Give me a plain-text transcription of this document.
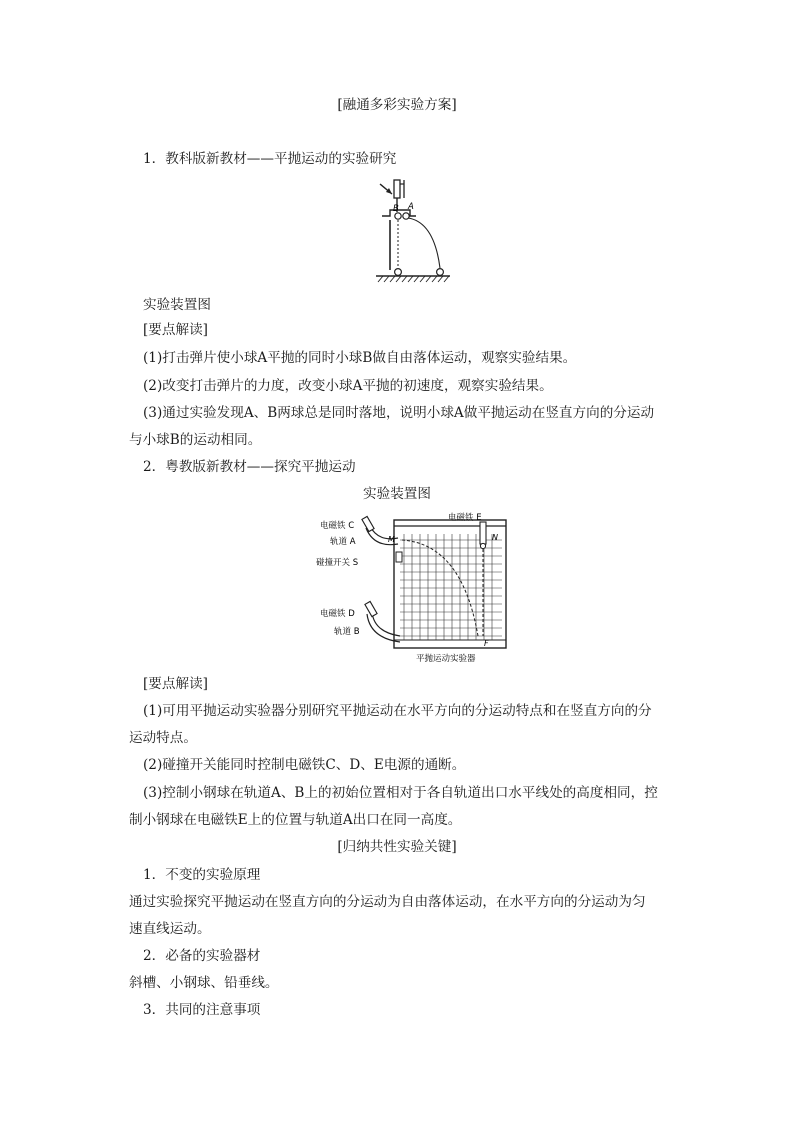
[融通多彩实验方案]
1．教科版新教材——平抛运动的实验研究
B A
实验装置图
[要点解读]
(1)打击弹片使小球A平抛的同时小球B做自由落体运动，观察实验结果。
(2)改变打击弹片的力度，改变小球A平抛的初速度，观察实验结果。
(3)通过实验发现A、B两球总是同时落地，说明小球A做平抛运动在竖直方向的分运动
与小球B的运动相同。
2．粤教版新教材——探究平抛运动
实验装置图
电磁铁 C
轨道 A
碰撞开关 S
电磁铁 D
轨道 B
电磁铁 E
M	N
F
平抛运动实验器
[要点解读]
(1)可用平抛运动实验器分别研究平抛运动在水平方向的分运动特点和在竖直方向的分
运动特点。
(2)碰撞开关能同时控制电磁铁C、D、E电源的通断。
(3)控制小钢球在轨道A、B上的初始位置相对于各自轨道出口水平线处的高度相同，控
制小钢球在电磁铁E上的位置与轨道A出口在同一高度。
[归纳共性实验关键]
1．不变的实验原理
通过实验探究平抛运动在竖直方向的分运动为自由落体运动，在水平方向的分运动为匀
速直线运动。
2．必备的实验器材
斜槽、小钢球、铅垂线。
3．共同的注意事项
